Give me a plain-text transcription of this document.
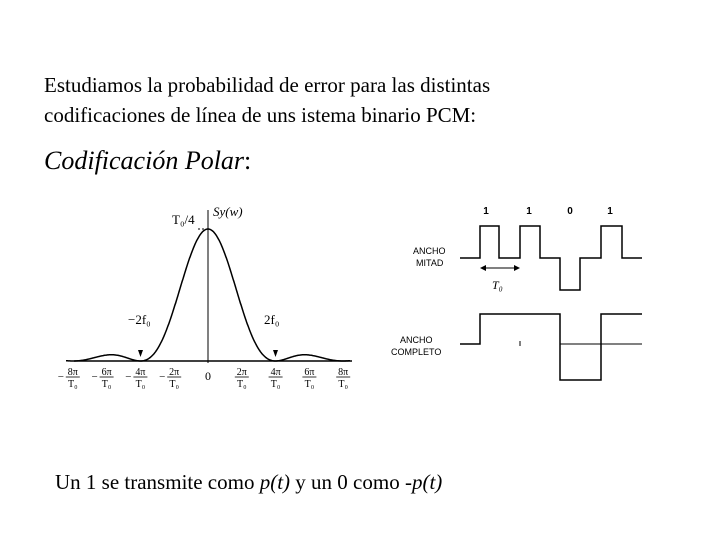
Estudiamos la probabilidad de error para las distintas
codificaciones de línea de uns istema binario PCM:
Codificación Polar:
T₀/4
Sy(w)
−2f₀	2f₀
− 8π
T₀
− 6π
T₀
− 4π
T₀
− 2π
T₀
0	2π
T₀
4π
T₀
6π
T₀
8π
T₀
1	1	0	1
ANCHO
MITAD
T₀
ANCHO
COMPLETO
Un 1 se transmite como p(t) y un 0 como -p(t)
